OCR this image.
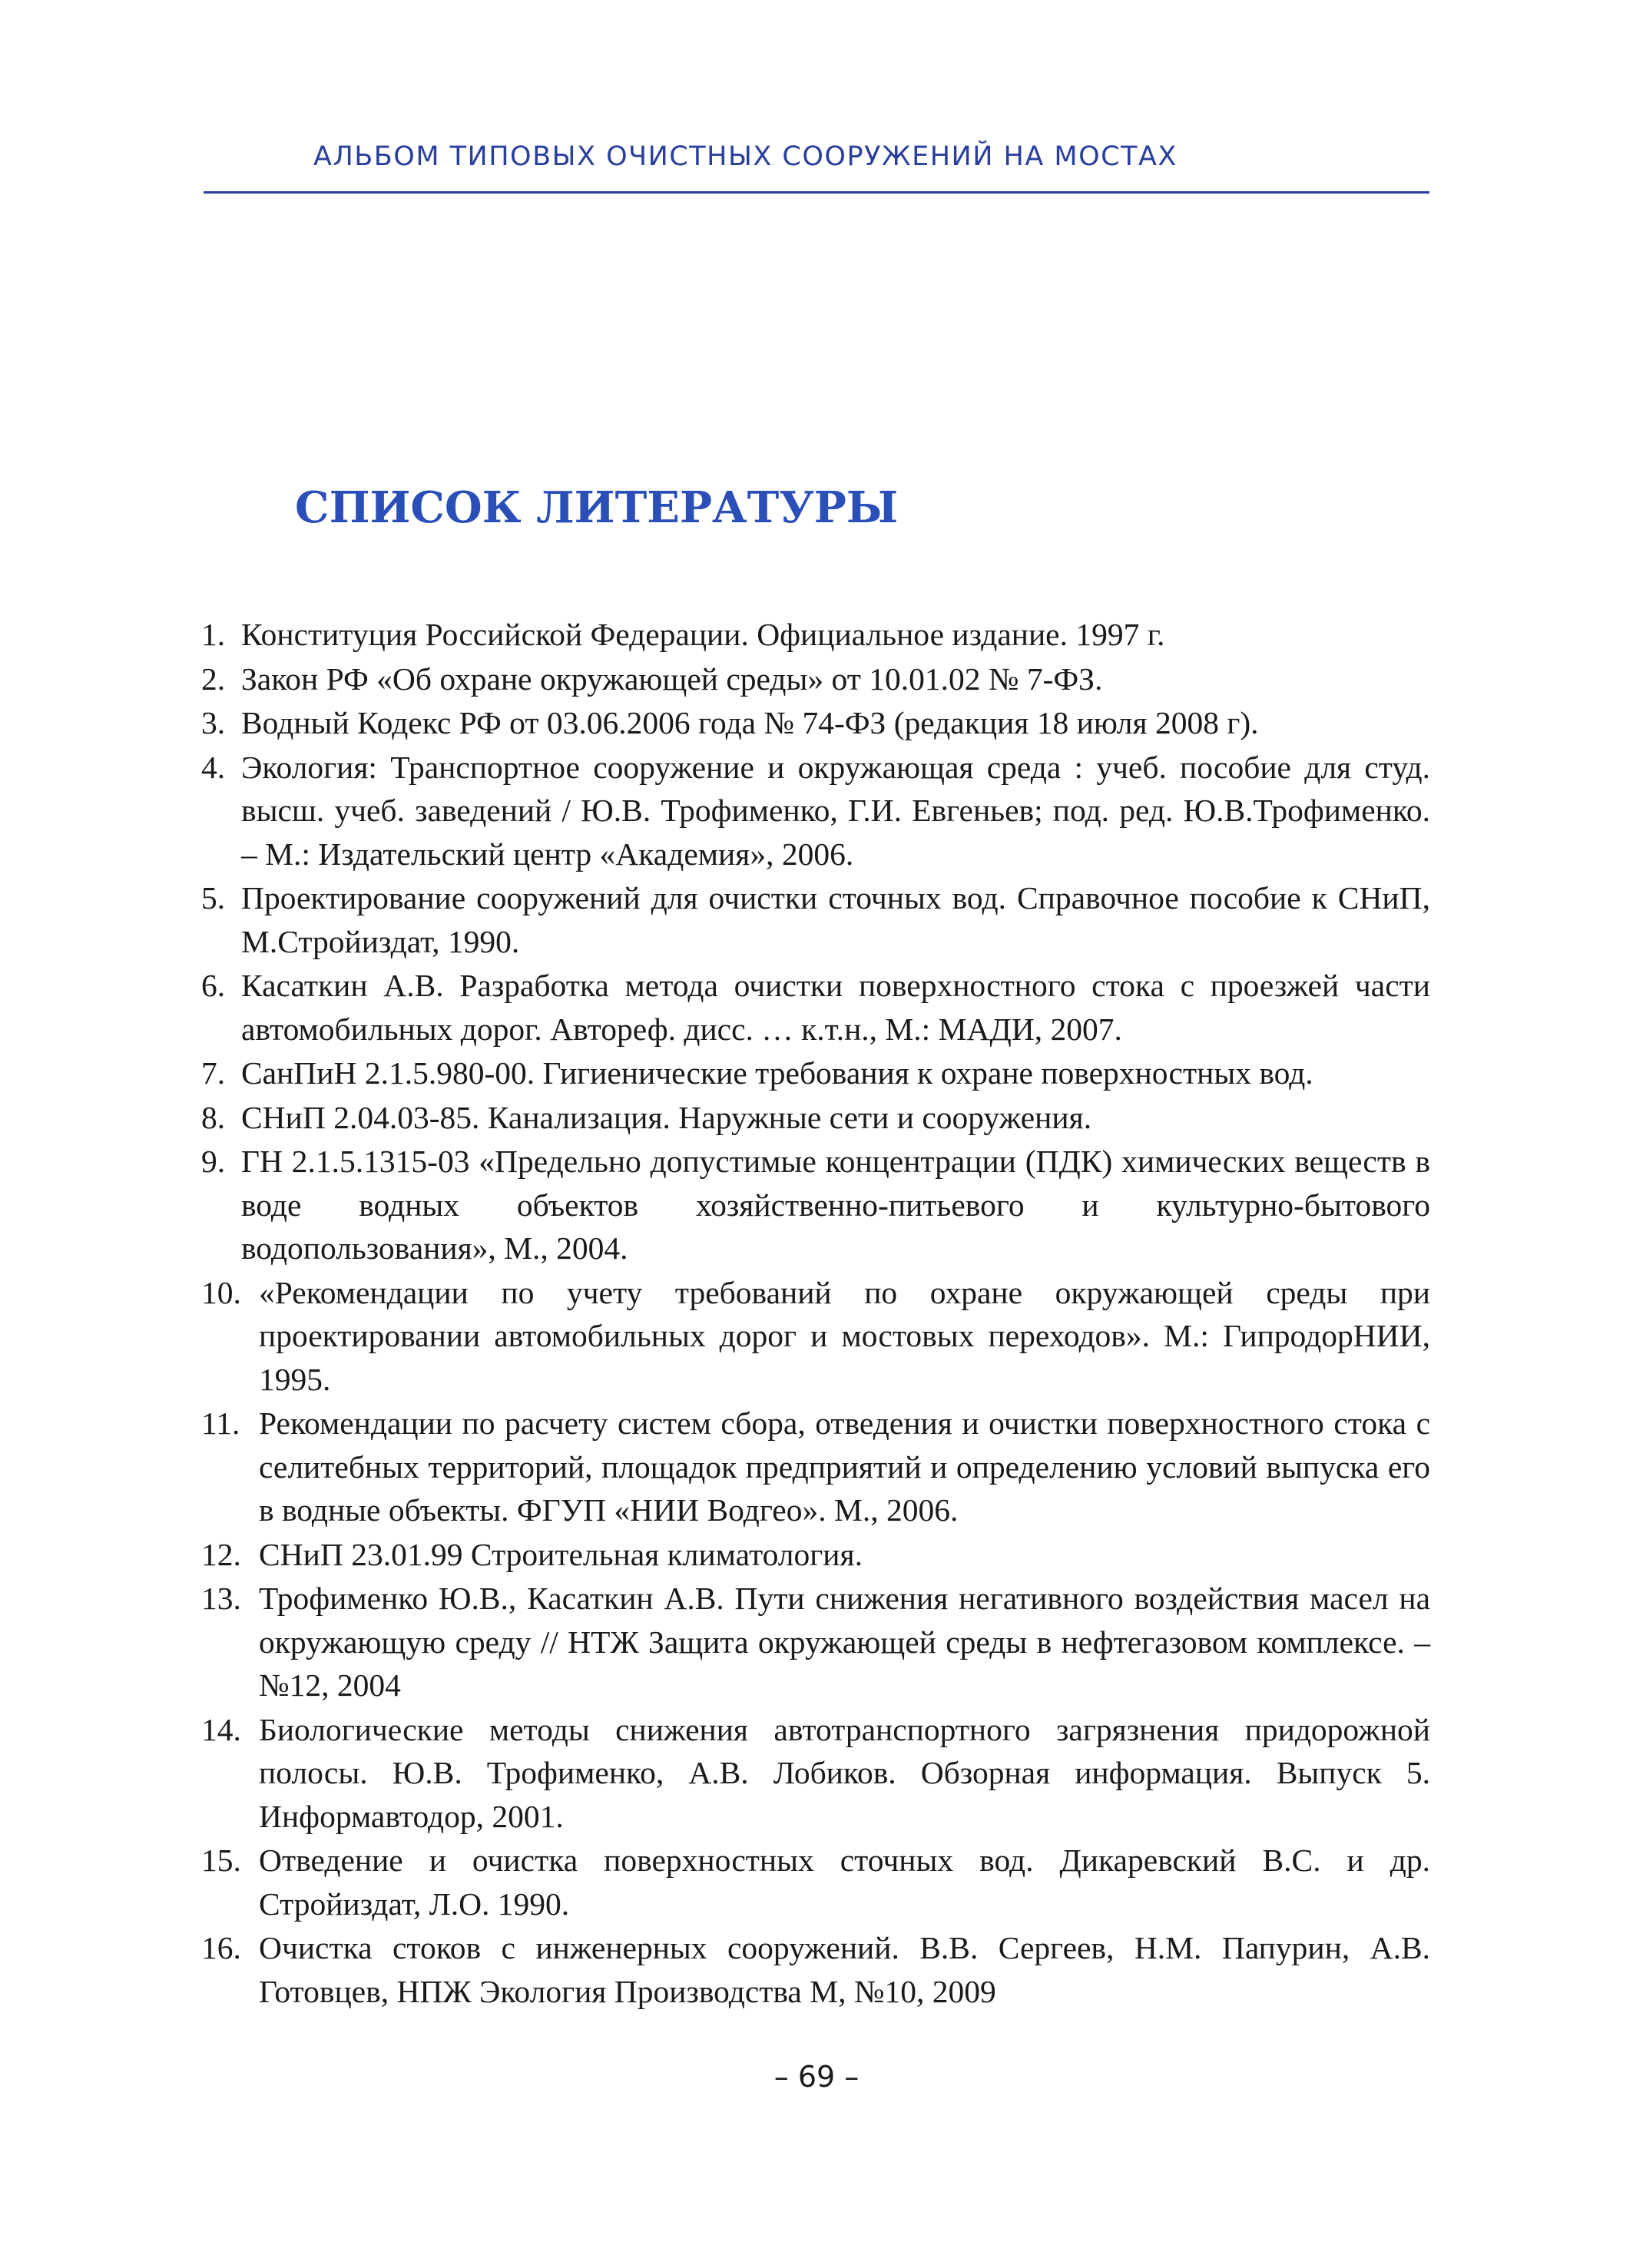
АЛЬБОМ ТИПОВЫХ ОЧИСТНЫХ СООРУЖЕНИЙ НА МОСТАХ
СПИСОК ЛИТЕРАТУРЫ
1. Конституция Российской Федерации. Официальное издание. 1997 г.
2. Закон РФ «Об охране окружающей среды» от 10.01.02 № 7-ФЗ.
3. Водный Кодекс РФ от 03.06.2006 года № 74-ФЗ (редакция 18 июля 2008 г).
4. Экология: Транспортное сооружение и окружающая среда : учеб. пособие для студ. высш. учеб. заведений / Ю.В. Трофименко, Г.И. Евгеньев; под. ред. Ю.В.Трофименко. – М.: Издательский центр «Академия», 2006.
5. Проектирование сооружений для очистки сточных вод. Справочное пособие к СНиП, М.Стройиздат, 1990.
6. Касаткин А.В. Разработка метода очистки поверхностного стока с проезжей части автомобильных дорог. Автореф. дисс. … к.т.н., М.: МАДИ, 2007.
7. СанПиН 2.1.5.980-00. Гигиенические требования к охране поверхностных вод.
8. СНиП 2.04.03-85. Канализация. Наружные сети и сооружения.
9. ГН 2.1.5.1315-03 «Предельно допустимые концентрации (ПДК) химических веществ в воде водных объектов хозяйственно-питьевого и культурно-бытового водопользования», М., 2004.
10. «Рекомендации по учету требований по охране окружающей среды при проектировании автомобильных дорог и мостовых переходов». М.: ГипродорНИИ, 1995.
11. Рекомендации по расчету систем сбора, отведения и очистки поверхностного стока с селитебных территорий, площадок предприятий и определению условий выпуска его в водные объекты. ФГУП «НИИ Водгео». М., 2006.
12. СНиП 23.01.99 Строительная климатология.
13. Трофименко Ю.В., Касаткин А.В. Пути снижения негативного воздействия масел на окружающую среду // НТЖ Защита окружающей среды в нефтегазовом комплексе. – №12, 2004
14. Биологические методы снижения автотранспортного загрязнения придорожной полосы. Ю.В. Трофименко, А.В. Лобиков. Обзорная информация. Выпуск 5. Информавтодор, 2001.
15. Отведение и очистка поверхностных сточных вод. Дикаревский В.С. и др. Стройиздат, Л.О. 1990.
16. Очистка стоков с инженерных сооружений. В.В. Сергеев, Н.М. Папурин, А.В. Готовцев, НПЖ Экология Производства М, №10, 2009
– 69 –
